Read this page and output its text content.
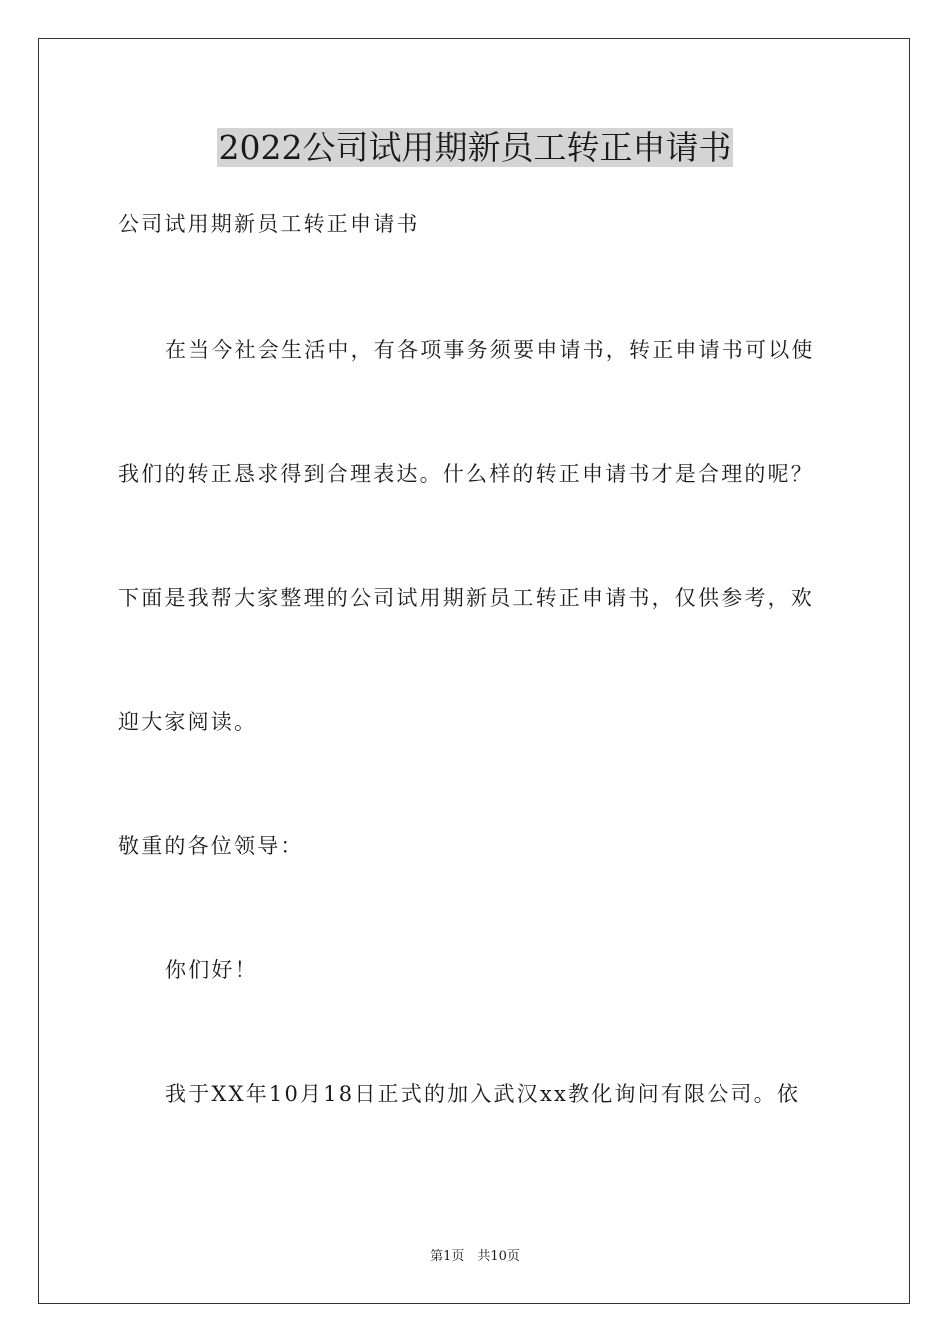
2022公司试用期新员工转正申请书

公司试用期新员工转正申请书

在当今社会生活中，有各项事务须要申请书，转正申请书可以使

我们的转正恳求得到合理表达。什么样的转正申请书才是合理的呢？

下面是我帮大家整理的公司试用期新员工转正申请书，仅供参考，欢

迎大家阅读。

敬重的各位领导：

你们好！

我于XX年10月18日正式的加入武汉xx教化询问有限公司。依

第1页　共10页
